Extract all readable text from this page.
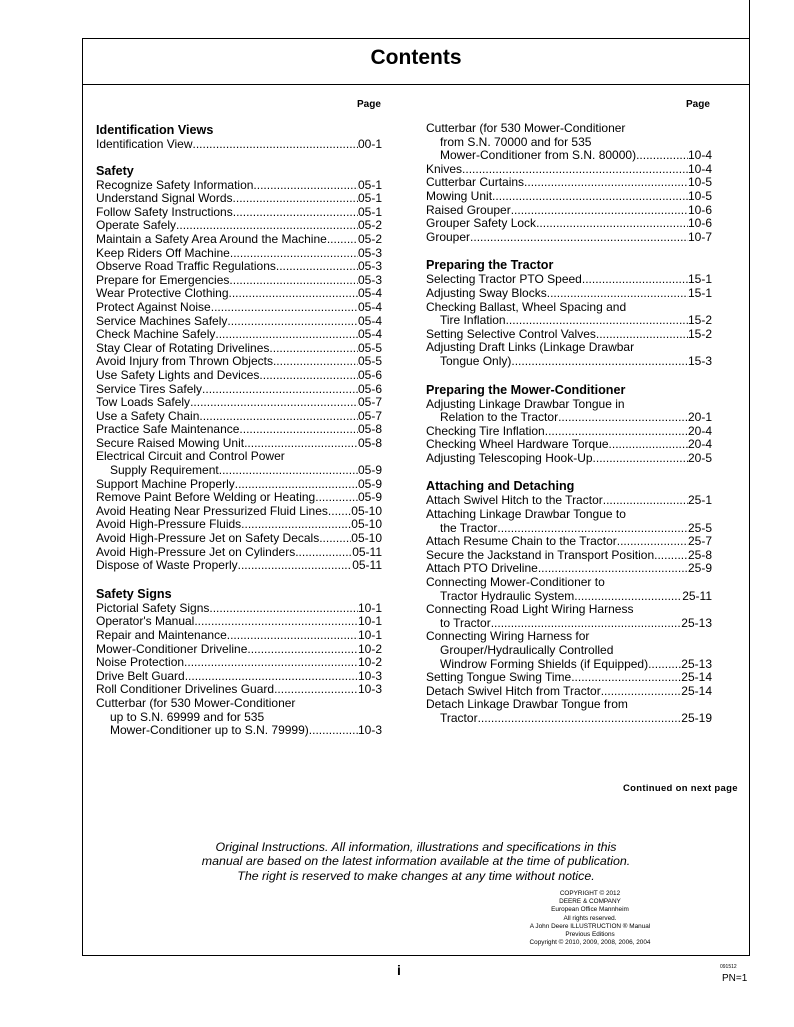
Contents
Page	Page
Identification Views
Identification View .....	00-1
Safety
Recognize Safety Information .....	05-1
Understand Signal Words .....	05-1
Follow Safety Instructions .....	05-1
Operate Safely .....	05-2
Maintain a Safety Area Around the Machine .....	05-2
Keep Riders Off Machine .....	05-3
Observe Road Traffic Regulations .....	05-3
Prepare for Emergencies .....	05-3
Wear Protective Clothing .....	05-4
Protect Against Noise .....	05-4
Service Machines Safely .....	05-4
Check Machine Safely .....	05-4
Stay Clear of Rotating Drivelines .....	05-5
Avoid Injury from Thrown Objects .....	05-5
Use Safety Lights and Devices .....	05-6
Service Tires Safely .....	05-6
Tow Loads Safely .....	05-7
Use a Safety Chain .....	05-7
Practice Safe Maintenance .....	05-8
Secure Raised Mowing Unit .....	05-8
Electrical Circuit and Control Power
Supply Requirement .....	05-9
Support Machine Properly .....	05-9
Remove Paint Before Welding or Heating .....	05-9
Avoid Heating Near Pressurized Fluid Lines ..... 05-10
Avoid High-Pressure Fluids .....	05-10
Avoid High-Pressure Jet on Safety Decals .....	05-10
Avoid High-Pressure Jet on Cylinders .....	05-11
Dispose of Waste Properly .....	05-11
Safety Signs
Pictorial Safety Signs .....	10-1
Operator's Manual .....	10-1
Repair and Maintenance .....	10-1
Mower-Conditioner Driveline .....	10-2
Noise Protection .....	10-2
Drive Belt Guard .....	10-3
Roll Conditioner Drivelines Guard .....	10-3
Cutterbar (for 530 Mower-Conditioner
up to S.N. 69999 and for 535
Mower-Conditioner up to S.N. 79999) .....	10-3
Cutterbar (for 530 Mower-Conditioner
from S.N. 70000 and for 535
Mower-Conditioner from S.N. 80000) .....	10-4
Knives .....	10-4
Cutterbar Curtains .....	10-5
Mowing Unit .....	10-5
Raised Grouper .....	10-6
Grouper Safety Lock .....	10-6
Grouper .....	10-7
Preparing the Tractor
Selecting Tractor PTO Speed .....	15-1
Adjusting Sway Blocks .....	15-1
Checking Ballast, Wheel Spacing and
Tire Inflation .....	15-2
Setting Selective Control Valves .....	15-2
Adjusting Draft Links (Linkage Drawbar
Tongue Only) .....	15-3
Preparing the Mower-Conditioner
Adjusting Linkage Drawbar Tongue in
Relation to the Tractor .....	20-1
Checking Tire Inflation .....	20-4
Checking Wheel Hardware Torque .....	20-4
Adjusting Telescoping Hook-Up .....	20-5
Attaching and Detaching
Attach Swivel Hitch to the Tractor .....	25-1
Attaching Linkage Drawbar Tongue to
the Tractor .....	25-5
Attach Resume Chain to the Tractor .....	25-7
Secure the Jackstand in Transport Position .....	25-8
Attach PTO Driveline .....	25-9
Connecting Mower-Conditioner to
Tractor Hydraulic System .....	25-11
Connecting Road Light Wiring Harness
to Tractor .....	25-13
Connecting Wiring Harness for
Grouper/Hydraulically Controlled
Windrow Forming Shields (if Equipped) .....	25-13
Setting Tongue Swing Time .....	25-14
Detach Swivel Hitch from Tractor .....	25-14
Detach Linkage Drawbar Tongue from
Tractor .....	25-19
Continued on next page
Original Instructions. All information, illustrations and specifications in this
manual are based on the latest information available at the time of publication.
The right is reserved to make changes at any time without notice.
COPYRIGHT © 2012
DEERE & COMPANY
European Office Mannheim
All rights reserved.
A John Deere ILLUSTRUCTION ® Manual
Previous Editions
Copyright © 2010, 2009, 2008, 2006, 2004
091512
i
PN=1
